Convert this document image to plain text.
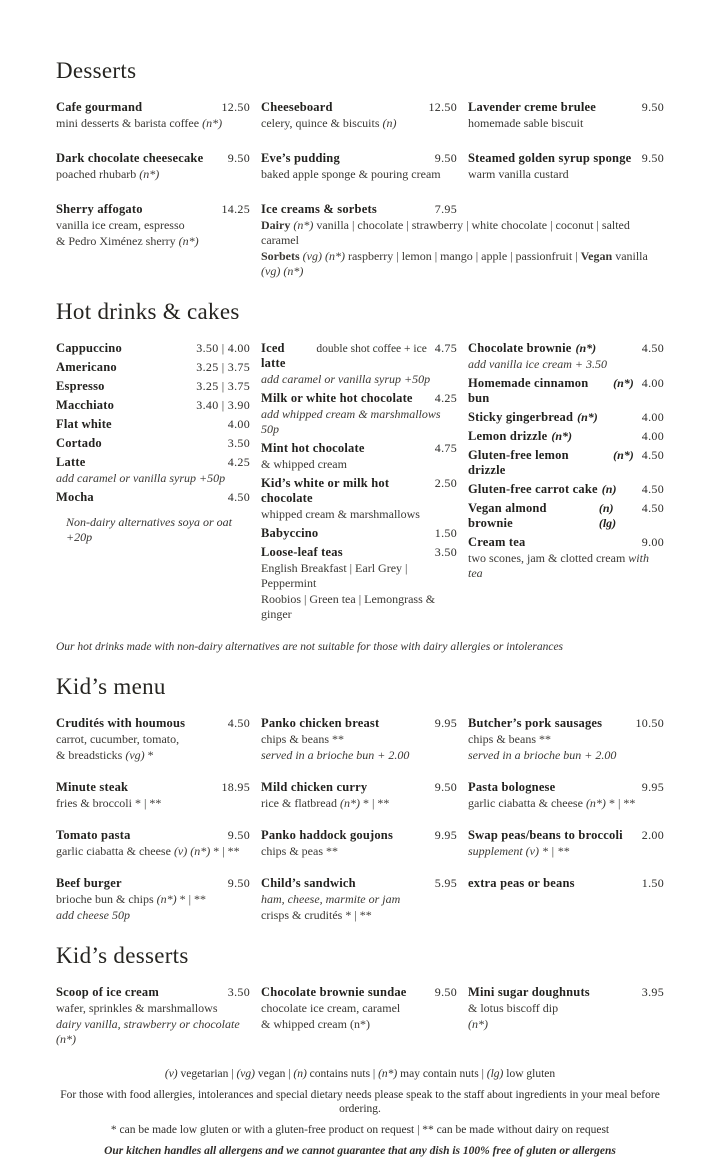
Desserts
Cafe gourmand	12.50
mini desserts & barista coffee (n*)
Cheeseboard	12.50
celery, quince & biscuits (n)
Lavender creme brulee	9.50
homemade sable biscuit
Dark chocolate cheesecake	9.50
poached rhubarb (n*)
Eve’s pudding	9.50
baked apple sponge & pouring cream
Steamed golden syrup sponge 9.50
warm vanilla custard
Sherry affogato	14.25
vanilla ice cream, espresso
& Pedro Ximénez sherry (n*)
Ice creams & sorbets	7.95
Dairy (n*) vanilla | chocolate | strawberry | white chocolate | coconut | salted caramel
Sorbets (vg) (n*) raspberry | lemon | mango | apple | passionfruit | Vegan vanilla (vg) (n*)
Hot drinks & cakes
Cappuccino	3.50 | 4.00
Americano	3.25 | 3.75
Espresso	3.25 | 3.75
Macchiato	3.40 | 3.90
Flat white	4.00
Cortado	3.50
Latte	4.25
add caramel or vanilla syrup +50p
Mocha	4.50
Non-dairy alternatives soya or oat +20p
Iced latte
double shot coffee + ice 4.75
add caramel or vanilla syrup +50p
Milk or white hot chocolate	4.25
add whipped cream & marshmallows 50p
Mint hot chocolate	4.75
& whipped cream
Kid’s white or milk hot chocolate
2.50
whipped cream & marshmallows
Babyccino	1.50
Loose-leaf teas	3.50
English Breakfast | Earl Grey | Peppermint
Roobios | Green tea | Lemongrass & ginger
Chocolate brownie (n*)	4.50
add vanilla ice cream + 3.50
Homemade cinnamon bun
(n*) 4.00
Sticky gingerbread (n*)	4.00
Lemon drizzle (n*)	4.00
Gluten-free lemon drizzle
(n*) 4.50
Gluten-free carrot cake (n)	4.50
Vegan almond brownie
(n) (lg)
4.50
Cream tea	9.00
two scones, jam & clotted cream with tea

Our hot drinks made with non-dairy alternatives are not suitable for those with dairy allergies or intolerances

Kid’s menu
Crudités with houmous	4.50
carrot, cucumber, tomato,
& breadsticks (vg) *
Panko chicken breast	9.95
chips & beans **
served in a brioche bun + 2.00
Butcher’s pork sausages	10.50
chips & beans **
served in a brioche bun + 2.00
Minute steak	18.95
fries & broccoli * | **
Mild chicken curry	9.50
rice & flatbread (n*) * | **
Pasta bolognese	9.95
garlic ciabatta & cheese (n*) * | **
Tomato pasta	9.50
garlic ciabatta & cheese (v) (n*) * | **
Panko haddock goujons	9.95
chips & peas **
Swap peas/beans to broccoli	2.00
supplement (v) * | **
Beef burger	9.50
brioche bun & chips (n*) * | **
add cheese 50p
Child’s sandwich	5.95
ham, cheese, marmite or jam
crisps & crudités * | **
extra peas or beans	1.50
Kid’s desserts
Scoop of ice cream	3.50
wafer, sprinkles & marshmallows
dairy vanilla, strawberry or chocolate (n*)
Chocolate brownie sundae	9.50
chocolate ice cream, caramel
& whipped cream (n*)
Mini sugar doughnuts	3.95
& lotus biscoff dip
(n*)

(v) vegetarian | (vg) vegan | (n) contains nuts | (n*) may contain nuts | (lg) low gluten

For those with food allergies, intolerances and special dietary needs please speak to the staff about ingredients in your meal before ordering.

* can be made low gluten or with a gluten-free product on request | ** can be made without dairy on request

Our kitchen handles all allergens and we cannot guarantee that any dish is 100% free of gluten or allergens
